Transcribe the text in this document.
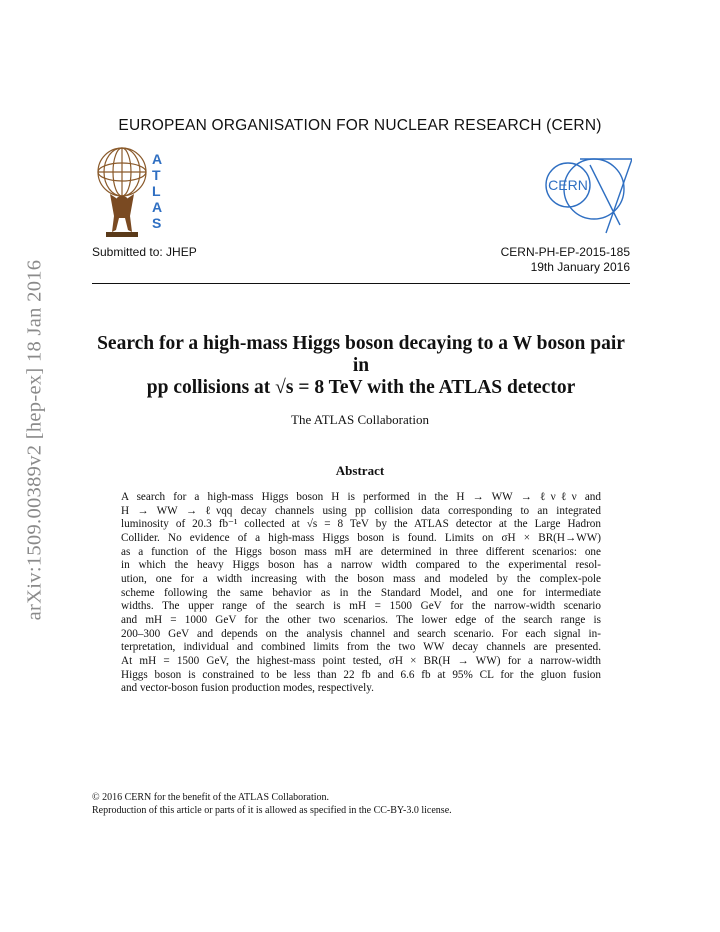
arXiv:1509.00389v2 [hep-ex] 18 Jan 2016
EUROPEAN ORGANISATION FOR NUCLEAR RESEARCH (CERN)
A
T
L
A
S
CERN
Submitted to: JHEP	CERN-PH-EP-2015-185
19th January 2016
Search for a high-mass Higgs boson decaying to a W boson pair in
pp collisions at √s = 8 TeV with the ATLAS detector
The ATLAS Collaboration
Abstract
A search for a high-mass Higgs boson H is performed in the H → WW → ℓνℓν and
H → WW → ℓνqq decay channels using pp collision data corresponding to an integrated
luminosity of 20.3 fb⁻¹ collected at √s = 8 TeV by the ATLAS detector at the Large Hadron
Collider. No evidence of a high-mass Higgs boson is found. Limits on σH × BR(H→WW)
as a function of the Higgs boson mass mH are determined in three different scenarios: one
in which the heavy Higgs boson has a narrow width compared to the experimental resol-
ution, one for a width increasing with the boson mass and modeled by the complex-pole
scheme following the same behavior as in the Standard Model, and one for intermediate
widths. The upper range of the search is mH = 1500 GeV for the narrow-width scenario
and mH = 1000 GeV for the other two scenarios. The lower edge of the search range is
200–300 GeV and depends on the analysis channel and search scenario. For each signal in-
terpretation, individual and combined limits from the two WW decay channels are presented.
At mH = 1500 GeV, the highest-mass point tested, σH × BR(H → WW) for a narrow-width
Higgs boson is constrained to be less than 22 fb and 6.6 fb at 95% CL for the gluon fusion
and vector-boson fusion production modes, respectively.
© 2016 CERN for the benefit of the ATLAS Collaboration.
Reproduction of this article or parts of it is allowed as specified in the CC-BY-3.0 license.
